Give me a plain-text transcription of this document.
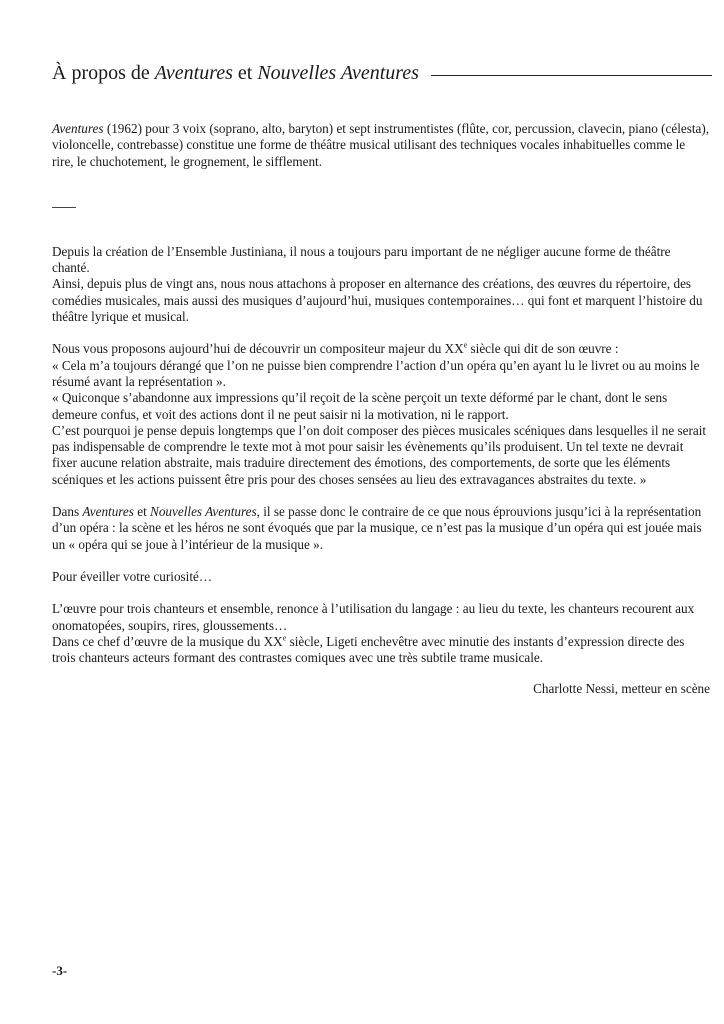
À propos de Aventures et Nouvelles Aventures

Aventures (1962) pour 3 voix (soprano, alto, baryton) et sept instrumentistes (flûte, cor, percussion, clavecin, piano (célesta), violoncelle, contrebasse) constitue une forme de théâtre musical utilisant des techniques vocales inhabituelles comme le rire, le chuchotement, le grognement, le sifflement.

Depuis la création de l’Ensemble Justiniana, il nous a toujours paru important de ne négliger aucune forme de théâtre chanté.

Ainsi, depuis plus de vingt ans, nous nous attachons à proposer en alternance des créations, des œuvres du répertoire, des comédies musicales, mais aussi des musiques d’aujourd’hui, musiques contemporaines… qui font et marquent l’histoire du théâtre lyrique et musical.

Nous vous proposons aujourd’hui de découvrir un compositeur majeur du XXe siècle qui dit de son œuvre :

« Cela m’a toujours dérangé que l’on ne puisse bien comprendre l’action d’un opéra qu’en ayant lu le livret ou au moins le résumé avant la représentation ».

« Quiconque s’abandonne aux impressions qu’il reçoit de la scène perçoit un texte déformé par le chant, dont le sens demeure confus, et voit des actions dont il ne peut saisir ni la motivation, ni le rapport.

C’est pourquoi je pense depuis longtemps que l’on doit composer des pièces musicales scéniques dans lesquelles il ne serait pas indispensable de comprendre le texte mot à mot pour saisir les évènements qu’ils produisent. Un tel texte ne devrait fixer aucune relation abstraite, mais traduire directement des émotions, des comportements, de sorte que les éléments scéniques et les actions puissent être pris pour des choses sensées au lieu des extravagances abstraites du texte. »

Dans Aventures et Nouvelles Aventures, il se passe donc le contraire de ce que nous éprouvions jusqu’ici à la représentation d’un opéra : la scène et les héros ne sont évoqués que par la musique, ce n’est pas la musique d’un opéra qui est jouée mais un « opéra qui se joue à l’intérieur de la musique ».

Pour éveiller votre curiosité…

L’œuvre pour trois chanteurs et ensemble, renonce à l’utilisation du langage : au lieu du texte, les chanteurs recourent aux onomatopées, soupirs, rires, gloussements…

Dans ce chef d’œuvre de la musique du XXe siècle, Ligeti enchevêtre avec minutie des instants d’expression directe des trois chanteurs acteurs formant des contrastes comiques avec une très subtile trame musicale.

Charlotte Nessi, metteur en scène

-3-
